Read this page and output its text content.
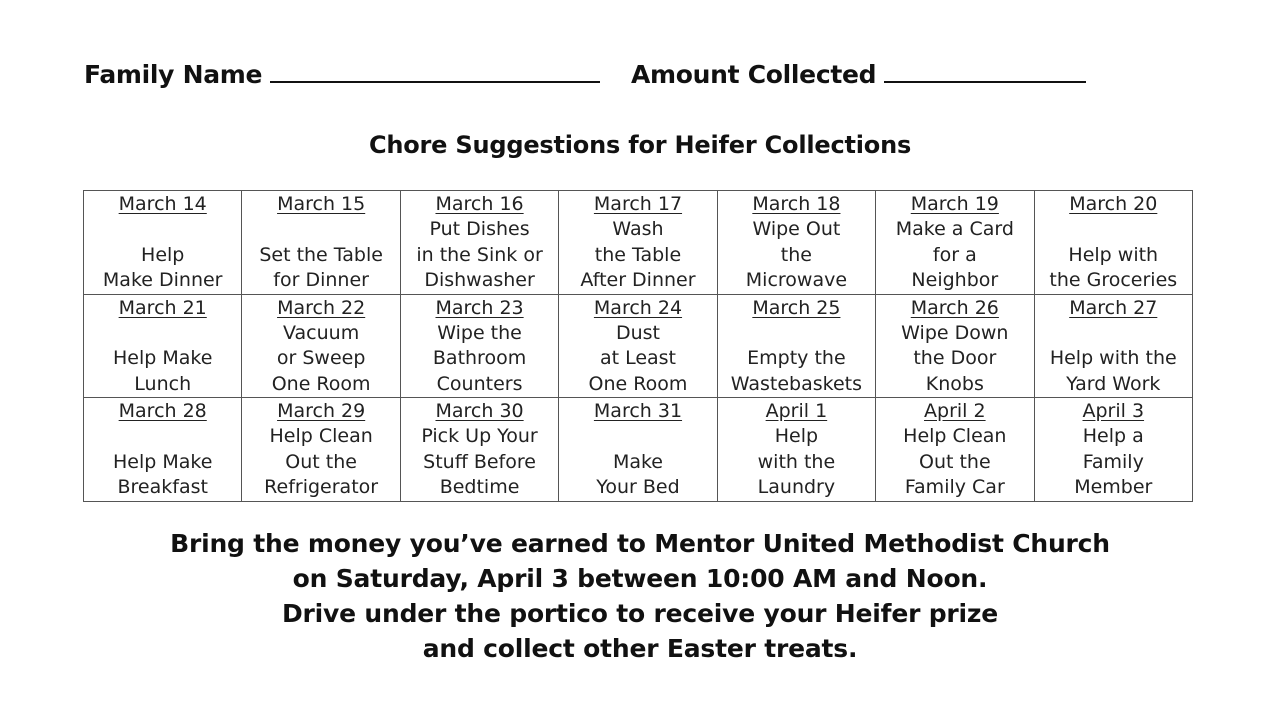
Family Name	Amount Collected
Chore Suggestions for Heifer Collections
March 14
Help
Make Dinner	March 15
Set the Table
for Dinner	March 16
Put Dishes
in the Sink or
Dishwasher	March 17
Wash
the Table
After Dinner	March 18
Wipe Out
the
Microwave	March 19
Make a Card
for a
Neighbor	March 20
Help with
the Groceries

March 21
Help Make
Lunch	March 22
Vacuum
or Sweep
One Room	March 23
Wipe the
Bathroom
Counters	March 24
Dust
at Least
One Room	March 25
Empty the
Wastebaskets	March 26
Wipe Down
the Door
Knobs	March 27
Help with the
Yard Work

March 28
Help Make
Breakfast	March 29
Help Clean
Out the
Refrigerator	March 30
Pick Up Your
Stuff Before
Bedtime	March 31
Make
Your Bed	April 1
Help
with the
Laundry	April 2
Help Clean
Out the
Family Car	April 3
Help a
Family
Member
Bring the money you’ve earned to Mentor United Methodist Church
on Saturday, April 3 between 10:00 AM and Noon.
Drive under the portico to receive your Heifer prize
and collect other Easter treats.
